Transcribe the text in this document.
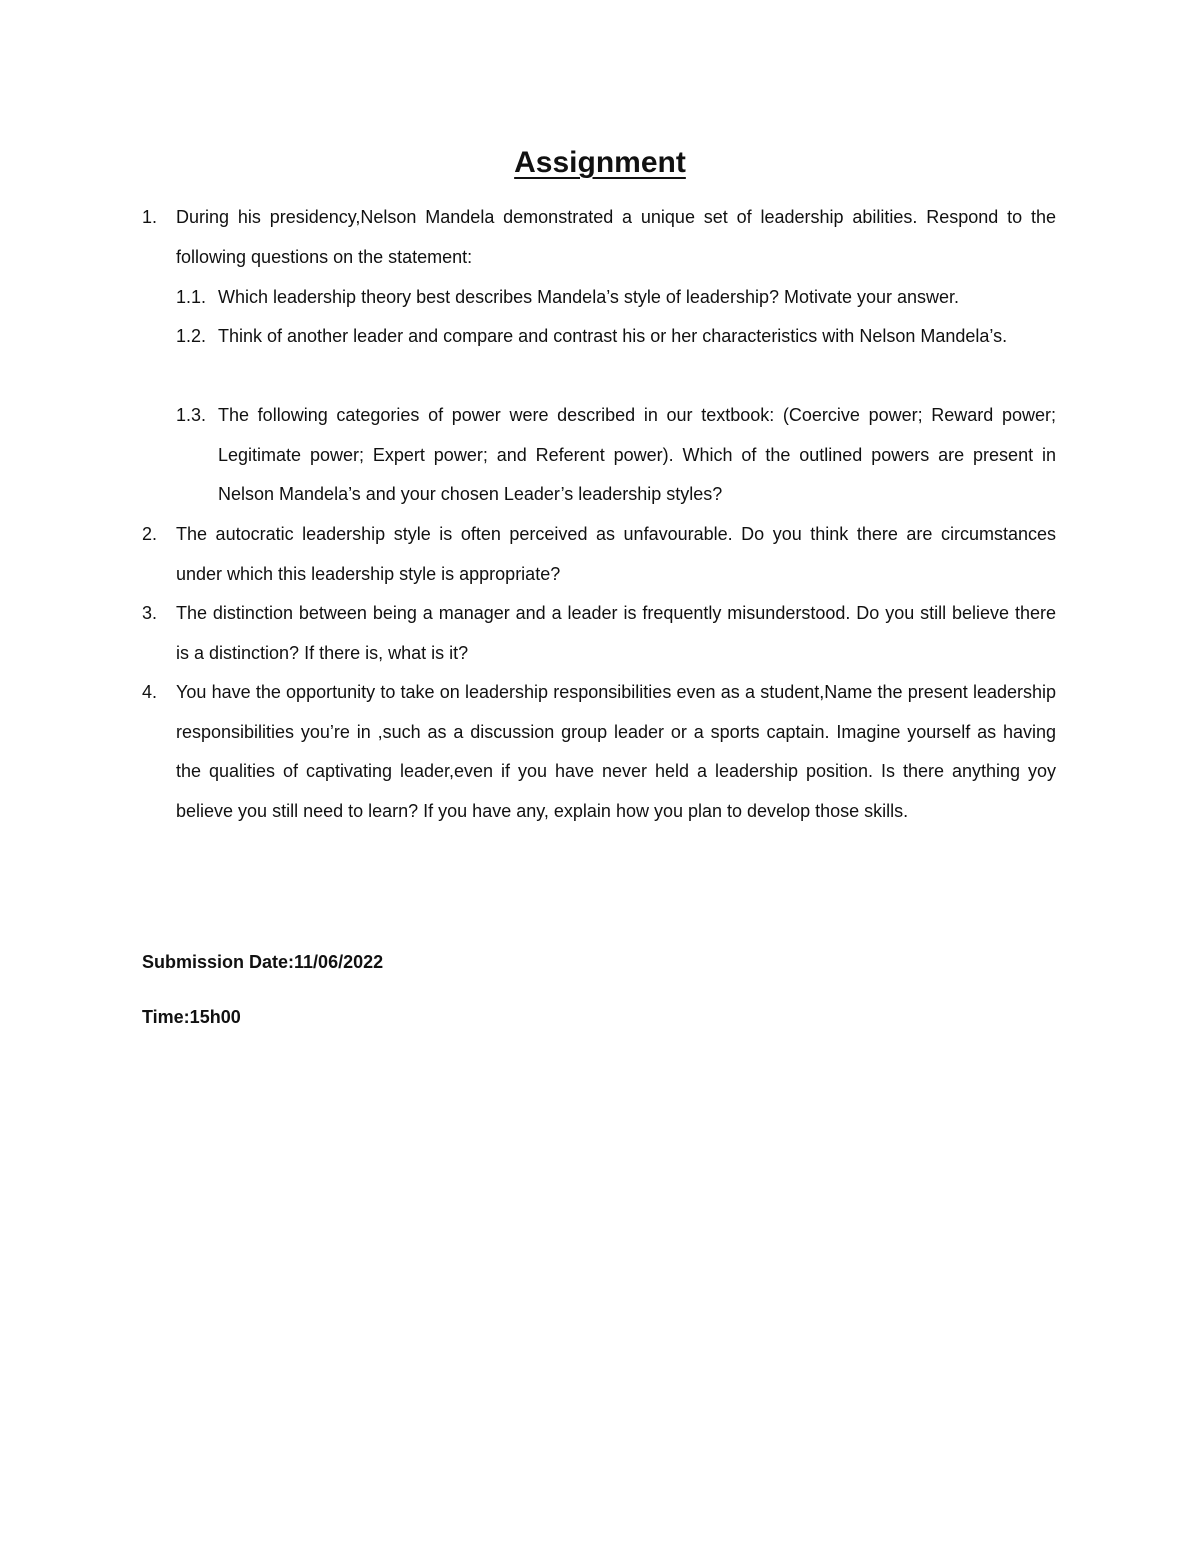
Assignment
1.	During his presidency,Nelson Mandela demonstrated a unique set of leadership abilities. Respond to the following questions on the statement:
1.1. Which leadership theory best describes Mandela’s style of leadership? Motivate your answer.
1.2. Think of another leader and compare and contrast his or her characteristics with Nelson Mandela’s.
1.3. The following categories of power were described in our textbook: (Coercive power; Reward power; Legitimate power; Expert power; and Referent power). Which of the outlined powers are present in Nelson Mandela’s and your chosen Leader’s leadership styles?
2.	The autocratic leadership style is often perceived as unfavourable. Do you think there are circumstances under which this leadership style is appropriate?
3.	The distinction between being a manager and a leader is frequently misunderstood. Do you still believe there is a distinction? If there is, what is it?
4.	You have the opportunity to take on leadership responsibilities even as a student,Name the present leadership responsibilities you’re in ,such as a discussion group leader or a sports captain. Imagine yourself as having the qualities of captivating leader,even if you have never held a leadership position. Is there anything yoy believe you still need to learn? If you have any, explain how you plan to develop those skills.
Submission Date:11/06/2022
Time:15h00
